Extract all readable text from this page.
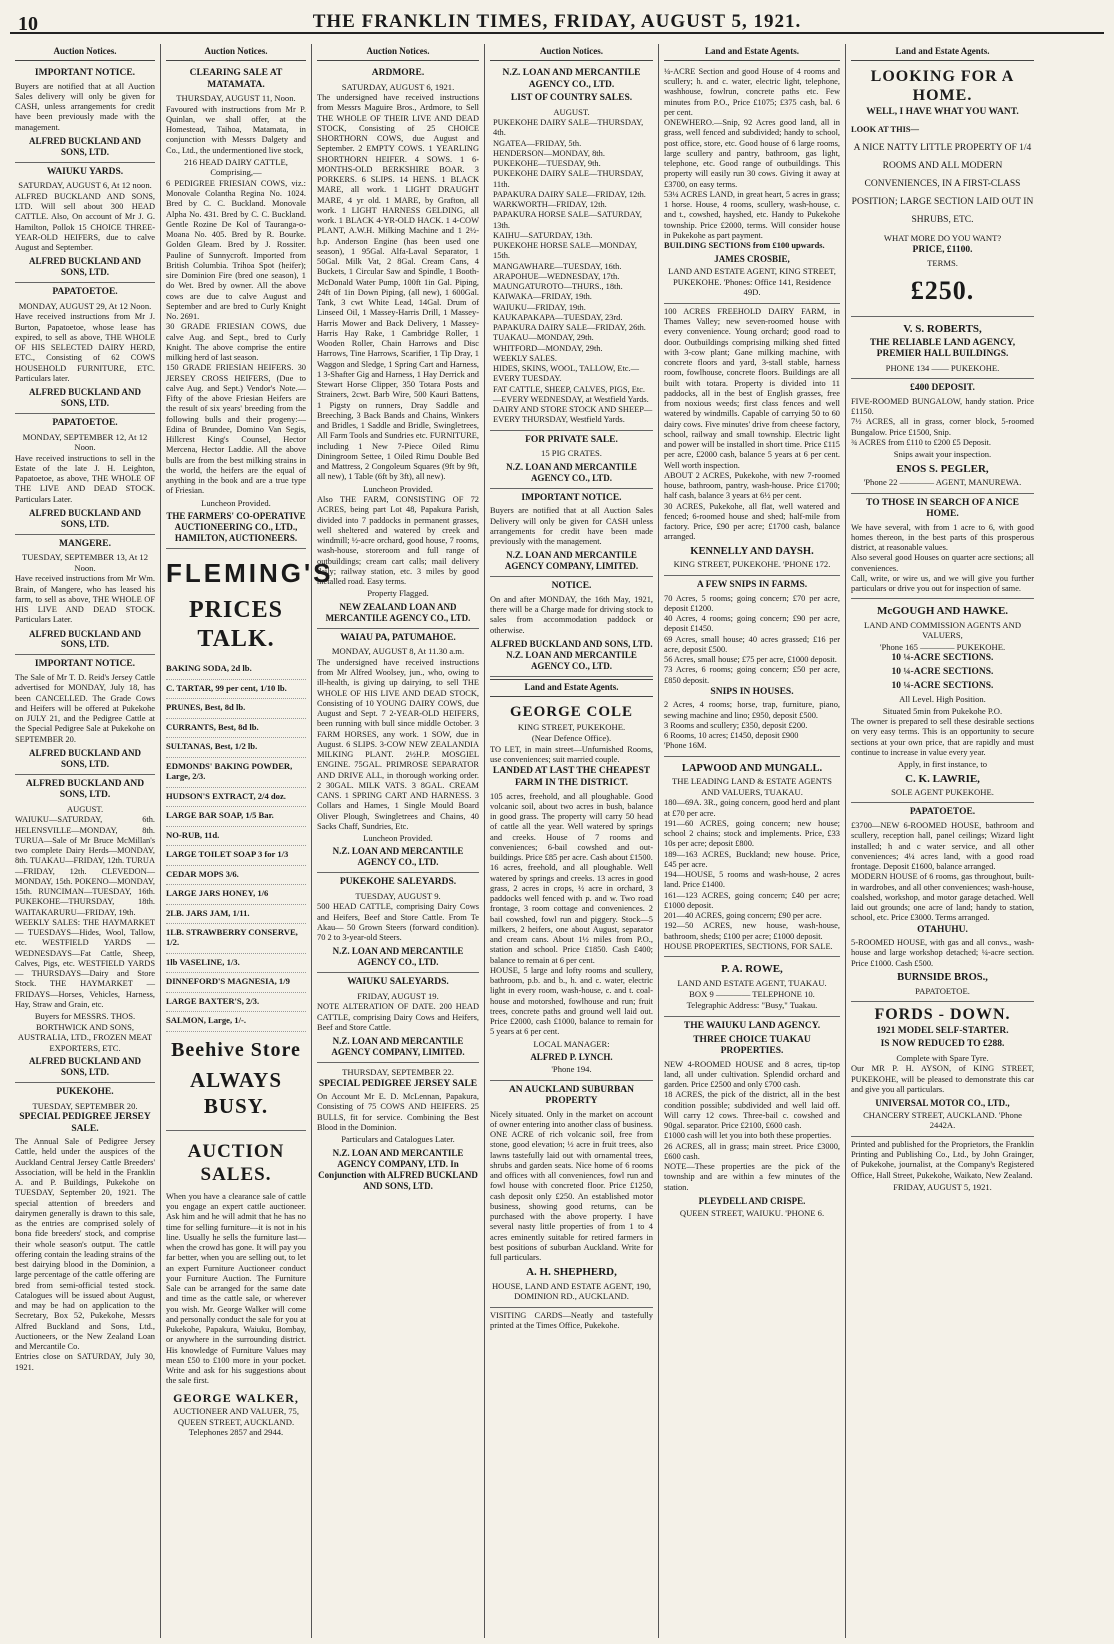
10	THE FRANKLIN TIMES, FRIDAY, AUGUST 5, 1921.
Auction Notices.
IMPORTANT NOTICE.
Buyers are notified that at all Auction Sales delivery will only be given for CASH, unless arrangements for credit have been previously made with the management.
ALFRED BUCKLAND AND SONS, LTD.
WAIUKU YARDS.
SATURDAY, AUGUST 6, At 12 noon.
ALFRED BUCKLAND AND SONS, LTD. Will sell about 300 HEAD CATTLE. Also, On account of Mr J. G. Hamilton, Pollok 15 CHOICE THREE-YEAR-OLD HEIFERS, due to calve August and September.
ALFRED BUCKLAND AND SONS, LTD.
PAPATOETOE.
MONDAY, AUGUST 29, At 12 Noon.
Have received instructions from Mr J. Burton, Papatoetoe, whose lease has expired, to sell as above, THE WHOLE OF HIS SELECTED DAIRY HERD, ETC., Consisting of 62 COWS HOUSEHOLD FURNITURE, ETC. Particulars later.
ALFRED BUCKLAND AND SONS, LTD.
PAPATOETOE.
MONDAY, SEPTEMBER 12, At 12 Noon.
Have received instructions to sell in the Estate of the late J. H. Leighton, Papatoetoe, as above, THE WHOLE OF THE LIVE AND DEAD STOCK. Particulars Later.
ALFRED BUCKLAND AND SONS, LTD.
MANGERE.
TUESDAY, SEPTEMBER 13, At 12 Noon.
Have received instructions from Mr Wm. Brain, of Mangere, who has leased his farm, to sell as above, THE WHOLE OF HIS LIVE AND DEAD STOCK. Particulars Later.
ALFRED BUCKLAND AND SONS, LTD.
IMPORTANT NOTICE.
The Sale of Mr T. D. Reid's Jersey Cattle advertised for MONDAY, July 18, has been CANCELLED. The Grade Cows and Heifers will be offered at Pukekohe on JULY 21, and the Pedigree Cattle at the Special Pedigree Sale at Pukekohe on SEPTEMBER 20.
ALFRED BUCKLAND AND SONS, LTD.
ALFRED BUCKLAND AND SONS, LTD.
AUGUST.
WAIUKU—SATURDAY, 6th. HELENSVILLE—MONDAY, 8th. TURUA—Sale of Mr Bruce McMillan's two complete Dairy Herds—MONDAY, 8th. TUAKAU—FRIDAY, 12th. TURUA—FRIDAY, 12th. CLEVEDON—MONDAY, 15th. POKENO—MONDAY, 15th. RUNCIMAN—TUESDAY, 16th. PUKEKOHE—THURSDAY, 18th. WAITAKARURU—FRIDAY, 19th.
WEEKLY SALES: THE HAYMARKET — TUESDAYS—Hides, Wool, Tallow, etc. WESTFIELD YARDS — WEDNESDAYS—Fat Cattle, Sheep, Calves, Pigs, etc. WESTFIELD YARDS — THURSDAYS—Dairy and Store Stock. THE HAYMARKET — FRIDAYS—Horses, Vehicles, Harness, Hay, Straw and Grain, etc.
Buyers for MESSRS. THOS. BORTHWICK AND SONS, AUSTRALIA, LTD., FROZEN MEAT EXPORTERS, ETC.
ALFRED BUCKLAND AND SONS, LTD.
PUKEKOHE.
TUESDAY, SEPTEMBER 20.
SPECIAL PEDIGREE JERSEY SALE.
The Annual Sale of Pedigree Jersey Cattle, held under the auspices of the Auckland Central Jersey Cattle Breeders' Association, will be held in the Franklin A. and P. Buildings, Pukekohe on TUESDAY, September 20, 1921. The special attention of breeders and dairymen generally is drawn to this sale, as the entries are comprised solely of bona fide breeders' stock, and comprise their whole season's output. The cattle offering contain the leading strains of the best dairying blood in the Dominion, a large percentage of the cattle offering are bred from semi-official tested stock. Catalogues will be issued about August, and may be had on application to the Secretary, Box 52, Pukekohe, Messrs Alfred Buckland and Sons, Ltd., Auctioneers, or the New Zealand Loan and Mercantile Co.
Entries close on SATURDAY, July 30, 1921.
Auction Notices.
CLEARING SALE AT MATAMATA.
THURSDAY, AUGUST 11, Noon.
Favoured with instructions from Mr P. Quinlan, we shall offer, at the Homestead, Taihoa, Matamata, in conjunction with Messrs Dalgety and Co., Ltd., the undermentioned live stock,
216 HEAD DAIRY CATTLE, Comprising,—
6 PEDIGREE FRIESIAN COWS, viz.: Monovale Colantha Regina No. 1024. Bred by C. C. Buckland. Monovale Alpha No. 431. Bred by C. C. Buckland. Gentle Rozine De Kol of Tauranga-o-Moana No. 405. Bred by R. Bourke. Golden Gleam. Bred by J. Rossiter. Pauline of Sunnycroft. Imported from British Columbia. Trihoa Spot (heifer); sire Dominion Fire (bred one season), 1 do Wet. Bred by owner. All the above cows are due to calve August and September and are bred to Curly Knight No. 2691.
30 GRADE FRIESIAN COWS, due calve Aug. and Sept., bred to Curly Knight. The above comprise the entire milking herd of last season.
150 GRADE FRIESIAN HEIFERS. 30 JERSEY CROSS HEIFERS, (Due to calve Aug. and Sept.) Vendor's Note.—Fifty of the above Friesian Heifers are the result of six years' breeding from the following bulls and their progeny:—Edina of Brundee, Domino Van Segis, Hillcrest King's Counsel, Hector Mercena, Hector Laddie. All the above bulls are from the best milking strains in the world, the heifers are the equal of anything in the book and are a true type of Friesian.
Luncheon Provided.
THE FARMERS' CO-OPERATIVE AUCTIONEERING CO., LTD., HAMILTON, AUCTIONEERS.
FLEMING'S
PRICES TALK.
BAKING SODA, 2d lb.
C. TARTAR, 99 per cent, 1/10 lb.
PRUNES, Best, 8d lb.
CURRANTS, Best, 8d lb.
SULTANAS, Best, 1/2 lb.
EDMONDS' BAKING POWDER, Large, 2/3.
HUDSON'S EXTRACT, 2/4 doz.
LARGE BAR SOAP, 1/5 Bar.
NO-RUB, 11d.
LARGE TOILET SOAP 3 for 1/3
CEDAR MOPS 3/6.
LARGE JARS HONEY, 1/6
2LB. JARS JAM, 1/11.
1LB. STRAWBERRY CONSERVE, 1/2.
1lb VASELINE, 1/3.
DINNEFORD'S MAGNESIA, 1/9
LARGE BAXTER'S, 2/3.
SALMON, Large, 1/-.
Beehive Store
ALWAYS BUSY.
AUCTION SALES.
When you have a clearance sale of cattle you engage an expert cattle auctioneer. Ask him and he will admit that he has no time for selling furniture—it is not in his line. Usually he sells the furniture last—when the crowd has gone. It will pay you far better, when you are selling out, to let an expert Furniture Auctioneer conduct your Furniture Auction. The Furniture Sale can be arranged for the same date and time as the cattle sale, or wherever you wish. Mr. George Walker will come and personally conduct the sale for you at Pukekohe, Papakura, Waiuku, Bombay, or anywhere in the surrounding district. His knowledge of Furniture Values may mean £50 to £100 more in your pocket. Write and ask for his suggestions about the sale first.
GEORGE WALKER,
AUCTIONEER AND VALUER, 75, QUEEN STREET, AUCKLAND. Telephones 2857 and 2944.
Auction Notices.
ARDMORE.
SATURDAY, AUGUST 6, 1921.
The undersigned have received instructions from Messrs Maguire Bros., Ardmore, to Sell THE WHOLE OF THEIR LIVE AND DEAD STOCK, Consisting of 25 CHOICE SHORTHORN COWS, due August and September. 2 EMPTY COWS. 1 YEARLING SHORTHORN HEIFER. 4 SOWS. 1 6-MONTHS-OLD BERKSHIRE BOAR. 3 PORKERS. 6 SLIPS. 14 HENS. 1 BLACK MARE, all work. 1 LIGHT DRAUGHT MARE, 4 yr old. 1 MARE, by Grafton, all work. 1 LIGHT HARNESS GELDING, all work. 1 BLACK 4-YR-OLD HACK. 1 4-COW PLANT, A.W.H. Milking Machine and 1 2½-h.p. Anderson Engine (has been used one season), 1 95Gal. Alfa-Laval Separator, 1 50Gal. Milk Vat, 2 8Gal. Cream Cans, 4 Buckets, 1 Circular Saw and Spindle, 1 Booth-McDonald Water Pump, 100ft 1in Gal. Piping, 24ft of 1in Down Piping, (all new), 1 600Gal. Tank, 3 cwt White Lead, 14Gal. Drum of Linseed Oil, 1 Massey-Harris Drill, 1 Massey-Harris Mower and Back Delivery, 1 Massey-Harris Hay Rake, 1 Cambridge Roller, 1 Wooden Roller, Chain Harrows and Disc Harrows, Tine Harrows, Scarifier, 1 Tip Dray, 1 Waggon and Sledge, 1 Spring Cart and Harness, 1 3-Shafter Gig and Harness, 1 Hay Derrick and Stewart Horse Clipper, 350 Totara Posts and Strainers, 2cwt. Barb Wire, 500 Kauri Battens, 1 Pigsty on runners, Dray Saddle and Breeching, 3 Back Bands and Chains, Winkers and Bridles, 1 Saddle and Bridle, Swingletrees, All Farm Tools and Sundries etc. FURNITURE, including 1 New 7-Piece Oiled Rimu Diningroom Settee, 1 Oiled Rimu Double Bed and Mattress, 2 Congoleum Squares (9ft by 9ft, all new), 1 Table (6ft by 3ft), all new).
Luncheon Provided.
Also THE FARM, CONSISTING OF 72 ACRES, being part Lot 48, Papakura Parish, divided into 7 paddocks in permanent grasses, well sheltered and watered by creek and windmill; ½-acre orchard, good house, 7 rooms, wash-house, storeroom and full range of outbuildings; cream cart calls; mail delivery daily; railway station, etc. 3 miles by good metalled road. Easy terms.
Property Flagged.
NEW ZEALAND LOAN AND MERCANTILE AGENCY CO., LTD.
WAIAU PA, PATUMAHOE.
MONDAY, AUGUST 8, At 11.30 a.m.
The undersigned have received instructions from Mr Alfred Woolsey, jun., who, owing to ill-health, is giving up dairying, to sell THE WHOLE OF HIS LIVE AND DEAD STOCK, Consisting of 10 YOUNG DAIRY COWS, due August and Sept. 7 2-YEAR-OLD HEIFERS, been running with bull since middle October. 3 FARM HORSES, any work. 1 SOW, due in August. 6 SLIPS. 3-COW NEW ZEALANDIA MILKING PLANT. 2½H.P. MOSGIEL ENGINE. 75GAL. PRIMROSE SEPARATOR AND DRIVE ALL, in thorough working order. 2 30GAL. MILK VATS. 3 8GAL. CREAM CANS. 1 SPRING CART AND HARNESS. 3 Collars and Hames, 1 Single Mould Board Oliver Plough, Swingletrees and Chains, 40 Sacks Chaff, Sundries, Etc.
Luncheon Provided.
N.Z. LOAN AND MERCANTILE AGENCY CO., LTD.
PUKEKOHE SALEYARDS.
TUESDAY, AUGUST 9.
500 HEAD CATTLE, comprising Dairy Cows and Heifers, Beef and Store Cattle. From Te Akau— 50 Grown Steers (forward condition). 70 2 to 3-year-old Steers.
N.Z. LOAN AND MERCANTILE AGENCY CO., LTD.
WAIUKU SALEYARDS.
FRIDAY, AUGUST 19.
NOTE ALTERATION OF DATE. 200 HEAD CATTLE, comprising Dairy Cows and Heifers, Beef and Store Cattle.
N.Z. LOAN AND MERCANTILE AGENCY COMPANY, LIMITED.
THURSDAY, SEPTEMBER 22.
SPECIAL PEDIGREE JERSEY SALE
On Account Mr E. D. McLennan, Papakura, Consisting of 75 COWS AND HEIFERS. 25 BULLS, fit for service. Combining the Best Blood in the Dominion.
Particulars and Catalogues Later.
N.Z. LOAN AND MERCANTILE AGENCY COMPANY, LTD. In Conjunction with ALFRED BUCKLAND AND SONS, LTD.
Auction Notices.
N.Z. LOAN AND MERCANTILE AGENCY CO., LTD.
LIST OF COUNTRY SALES.
AUGUST.
PUKEKOHE DAIRY SALE—THURSDAY, 4th.
NGATEA—FRIDAY, 5th.
HENDERSON—MONDAY, 8th.
PUKEKOHE—TUESDAY, 9th.
PUKEKOHE DAIRY SALE—THURSDAY, 11th.
PAPAKURA DAIRY SALE—FRIDAY, 12th.
WARKWORTH—FRIDAY, 12th.
PAPAKURA HORSE SALE—SATURDAY, 13th.
KAIHU—SATURDAY, 13th.
PUKEKOHE HORSE SALE—MONDAY, 15th.
MANGAWHARE—TUESDAY, 16th.
ARAPOHUE—WEDNESDAY, 17th.
MAUNGATUROTO—THURS., 18th.
KAIWAKA—FRIDAY, 19th.
WAIUKU—FRIDAY, 19th.
KAUKAPAKAPA—TUESDAY, 23rd.
PAPAKURA DAIRY SALE—FRIDAY, 26th.
TUAKAU—MONDAY, 29th.
WHITFORD—MONDAY, 29th.
WEEKLY SALES.
HIDES, SKINS, WOOL, TALLOW, Etc.—EVERY TUESDAY.
FAT CATTLE, SHEEP, CALVES, PIGS, Etc.—EVERY WEDNESDAY, at Westfield Yards.
DAIRY AND STORE STOCK AND SHEEP—EVERY THURSDAY, Westfield Yards.
FOR PRIVATE SALE.
15 PIG CRATES.
N.Z. LOAN AND MERCANTILE AGENCY CO., LTD.
IMPORTANT NOTICE.
Buyers are notified that at all Auction Sales Delivery will only be given for CASH unless arrangements for credit have been made previously with the management.
N.Z. LOAN AND MERCANTILE AGENCY COMPANY, LIMITED.
NOTICE.
On and after MONDAY, the 16th May, 1921, there will be a Charge made for driving stock to sales from accommodation paddock or otherwise.
ALFRED BUCKLAND AND SONS, LTD. N.Z. LOAN AND MERCANTILE AGENCY CO., LTD.
Land and Estate Agents.
GEORGE COLE
KING STREET, PUKEKOHE.
(Near Defence Office).
TO LET, in main street—Unfurnished Rooms, use conveniences; suit married couple.
LANDED AT LAST THE CHEAPEST FARM IN THE DISTRICT.
105 acres, freehold, and all ploughable. Good volcanic soil, about two acres in bush, balance in good grass. The property will carry 50 head of cattle all the year. Well watered by springs and creeks. House of 7 rooms and conveniences; 6-bail cowshed and out-buildings. Price £85 per acre. Cash about £1500.
16 acres, freehold, and all ploughable. Well watered by springs and creeks. 13 acres in good grass, 2 acres in crops, ½ acre in orchard, 3 paddocks well fenced with p. and w. Two road frontage, 3 room cottage and conveniences. 2 bail cowshed, fowl run and piggery. Stock—5 milkers, 2 heifers, one about August, separator and cream cans. About 1½ miles from P.O., station and school. Price £1850. Cash £400; balance to remain at 6 per cent.
HOUSE, 5 large and lofty rooms and scullery, bathroom, p.b. and b., h. and c. water, electric light in every room, wash-house, c. and t. coal-house and motorshed, fowlhouse and run; fruit trees, concrete paths and ground well laid out. Price £2000, cash £1000, balance to remain for 5 years at 6 per cent.
LOCAL MANAGER:
ALFRED P. LYNCH.
'Phone 194.
AN AUCKLAND SUBURBAN PROPERTY
Nicely situated. Only in the market on account of owner entering into another class of business. ONE ACRE of rich volcanic soil, free from stone, good elevation; ½ acre in fruit trees, also lawns tastefully laid out with ornamental trees, shrubs and garden seats. Nice home of 6 rooms and offices with all conveniences, fowl run and fowl house with concreted floor. Price £1250, cash deposit only £250. An established motor business, showing good returns, can be purchased with the above property. I have several nasty little properties of from 1 to 4 acres eminently suitable for retired farmers in best positions of suburban Auckland. Write for full particulars.
A. H. SHEPHERD,
HOUSE, LAND AND ESTATE AGENT, 190, DOMINION RD., AUCKLAND.
VISITING CARDS—Neatly and tastefully printed at the Times Office, Pukekohe.
Land and Estate Agents.
¼-ACRE Section and good House of 4 rooms and scullery; h. and c. water, electric light, telephone, washhouse, fowlrun, concrete paths etc. Few minutes from P.O., Price £1075; £375 cash, bal. 6 per cent.
ONEWHERO.—Snip, 92 Acres good land, all in grass, well fenced and subdivided; handy to school, post office, store, etc. Good house of 6 large rooms, large scullery and pantry, bathroom, gas light, telephone, etc. Good range of outbuildings. This property will easily run 30 cows. Giving it away at £3700, on easy terms.
53¼ ACRES LAND, in great heart, 5 acres in grass; 1 horse. House, 4 rooms, scullery, wash-house, c. and t., cowshed, hayshed, etc. Handy to Pukekohe township. Price £2000, terms. Will consider house in Pukekohe as part payment.
BUILDING SECTIONS from £100 upwards.
JAMES CROSBIE,
LAND AND ESTATE AGENT, KING STREET, PUKEKOHE. 'Phones: Office 141, Residence 49D.
100 ACRES FREEHOLD DAIRY FARM, in Thames Valley; new seven-roomed house with every convenience. Young orchard; good road to door. Outbuildings comprising milking shed fitted with 3-cow plant; Gane milking machine, with concrete floors and yard, 3-stall stable, harness room, fowlhouse, concrete floors. Buildings are all built with totara. Property is divided into 11 paddocks, all in the best of English grasses, free from noxious weeds; first class fences and well watered by windmills. Capable of carrying 50 to 60 dairy cows. Five minutes' drive from cheese factory, school, railway and small township. Electric light and power will be installed in short time. Price £115 per acre, £2000 cash, balance 5 years at 6 per cent. Well worth inspection.
ABOUT 2 ACRES, Pukekohe, with new 7-roomed house, bathroom, pantry, wash-house. Price £1700; half cash, balance 3 years at 6½ per cent.
30 ACRES, Pukekohe, all flat, well watered and fenced; 6-roomed house and shed; half-mile from factory. Price, £90 per acre; £1700 cash, balance arranged.
KENNELLY AND DAYSH.
KING STREET, PUKEKOHE. 'PHONE 172.
A FEW SNIPS IN FARMS.
70 Acres, 5 rooms; going concern; £70 per acre, deposit £1200.
40 Acres, 4 rooms; going concern; £90 per acre, deposit £1450.
69 Acres, small house; 40 acres grassed; £16 per acre, deposit £500.
56 Acres, small house; £75 per acre, £1000 deposit.
73 Acres, 6 rooms; going concern; £50 per acre, £850 deposit.
SNIPS IN HOUSES.
2 Acres, 4 rooms; horse, trap, furniture, piano, sewing machine and lino; £950, deposit £500.
3 Rooms and scullery; £350, deposit £200.
6 Rooms, 10 acres; £1450, deposit £900
'Phone 16M.
LAPWOOD AND MUNGALL.
THE LEADING LAND & ESTATE AGENTS AND VALUERS, TUAKAU.
180—69A. 3R., going concern, good herd and plant at £70 per acre.
191—60 ACRES, going concern; new house; school 2 chains; stock and implements. Price, £33 10s per acre; deposit £800.
189—163 ACRES, Buckland; new house. Price, £45 per acre.
194—HOUSE, 5 rooms and wash-house, 2 acres land. Price £1400.
161—123 ACRES, going concern; £40 per acre; £1000 deposit.
201—40 ACRES, going concern; £90 per acre.
192—50 ACRES, new house, wash-house, bathroom, sheds; £100 per acre; £1000 deposit.
HOUSE PROPERTIES, SECTIONS, FOR SALE.
P. A. ROWE,
LAND AND ESTATE AGENT, TUAKAU.
BOX 9 ———— TELEPHONE 10.
Telegraphic Address: "Busy," Tuakau.
THE WAIUKU LAND AGENCY.
THREE CHOICE TUAKAU PROPERTIES.
NEW 4-ROOMED HOUSE and 8 acres, tip-top land, all under cultivation. Splendid orchard and garden. Price £2500 and only £700 cash.
18 ACRES, the pick of the district, all in the best condition possible; subdivided and well laid off. Will carry 12 cows. Three-bail c. cowshed and 90gal. separator. Price £2100, £600 cash.
£1000 cash will let you into both these properties.
26 ACRES, all in grass; main street. Price £3000, £600 cash.
NOTE—These properties are the pick of the township and are within a few minutes of the station.
PLEYDELL AND CRISPE.
QUEEN STREET, WAIUKU. 'PHONE 6.
Land and Estate Agents.
LOOKING FOR A HOME.
WELL, I HAVE WHAT YOU WANT.
LOOK AT THIS—
A NICE NATTY LITTLE PROPERTY OF 1/4 ROOMS AND ALL MODERN CONVENIENCES, IN A FIRST-CLASS POSITION; LARGE SECTION LAID OUT IN SHRUBS, ETC.
WHAT MORE DO YOU WANT?
PRICE, £1100.
TERMS.
£250.
V. S. ROBERTS,
THE RELIABLE LAND AGENCY, PREMIER HALL BUILDINGS.
PHONE 134 —— PUKEKOHE.
£400 DEPOSIT.
FIVE-ROOMED BUNGALOW, handy station. Price £1150.
7½ ACRES, all in grass, corner block, 5-roomed Bungalow. Price £1500, Snip.
¾ ACRES from £110 to £200 £5 Deposit.
Snips await your inspection.
ENOS S. PEGLER,
'Phone 22 ———— AGENT, MANUREWA.
TO THOSE IN SEARCH OF A NICE HOME.
We have several, with from 1 acre to 6, with good homes thereon, in the best parts of this prosperous district, at reasonable values.
Also several good Houses on quarter acre sections; all conveniences.
Call, write, or wire us, and we will give you further particulars or drive you out for inspection of same.
McGOUGH AND HAWKE.
LAND AND COMMISSION AGENTS AND VALUERS,
'Phone 165 ———— PUKEKOHE.
10 ¼-ACRE SECTIONS.
10 ¼-ACRE SECTIONS.
10 ¼-ACRE SECTIONS.
All Level. High Position.
Situated 5min from Pukekohe P.O.
The owner is prepared to sell these desirable sections on very easy terms. This is an opportunity to secure sections at your own price, that are rapidly and must continue to increase in value every year.
Apply, in first instance, to
C. K. LAWRIE,
SOLE AGENT PUKEKOHE.
PAPATOETOE.
£3700—NEW 6-ROOMED HOUSE, bathroom and scullery, reception hall, panel ceilings; Wizard light installed; h and c water service, and all other conveniences; 4¼ acres land, with a good road frontage. Deposit £1600, balance arranged.
MODERN HOUSE of 6 rooms, gas throughout, built-in wardrobes, and all other conveniences; wash-house, coalshed, workshop, and motor garage detached. Well laid out grounds; one acre of land; handy to station, school, etc. Price £3000. Terms arranged.
OTAHUHU.
5-ROOMED HOUSE, with gas and all convs., wash-house and large workshop detached; ¼-acre section. Price £1000. Cash £500.
BURNSIDE BROS.,
PAPATOETOE.
FORDS - DOWN.
1921 MODEL SELF-STARTER.
IS NOW REDUCED TO £288.
Complete with Spare Tyre.
Our MR P. H. AYSON, of KING STREET, PUKEKOHE, will be pleased to demonstrate this car and give you all particulars.
UNIVERSAL MOTOR CO., LTD.,
CHANCERY STREET, AUCKLAND. 'Phone 2442A.
Printed and published for the Proprietors, the Franklin Printing and Publishing Co., Ltd., by John Grainger, of Pukekohe, journalist, at the Company's Registered Office, Hall Street, Pukekohe, Waikato, New Zealand.
FRIDAY, AUGUST 5, 1921.
